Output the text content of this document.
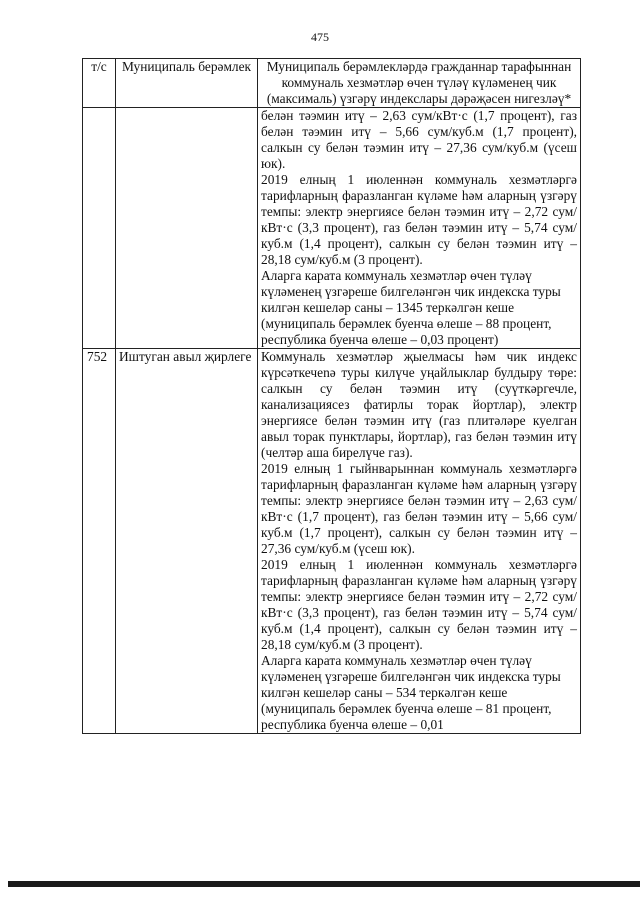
475
т/с	Муниципаль берәмлек	Муниципаль берәмлекләрдә гражданнар тарафыннан коммуналь хезмәтләр өчен түләү күләменең чик (максималь) үзгәрү индекслары дәрәҗәсен нигезләү*

		белән тәэмин итү – 2,63 сум/кВт·с (1,7 процент), газ белән тәэмин итү – 5,66 сум/куб.м (1,7 процент), салкын су белән тәэмин итү – 27,36 сум/куб.м (үсеш юк).

2019 елның 1 июленнән коммуналь хезмәтләргә тарифларның фаразланган күләме һәм аларның үзгәрү темпы: электр энергиясе белән тәэмин итү – 2,72 сум/кВт·с (3,3 процент), газ белән тәэмин итү – 5,74 сум/куб.м (1,4 процент), салкын су белән тәэмин итү – 28,18 сум/куб.м (3 процент).

Аларга карата коммуналь хезмәтләр өчен түләү күләменең үзгәреше билгеләнгән чик индекска туры килгән кешеләр саны – 1345 теркәлгән кеше (муниципаль берәмлек буенча өлеше – 88 процент, республика буенча өлеше – 0,03 процент)

752	Иштуган авыл җирлеге	Коммуналь хезмәтләр җыелмасы һәм чик индекс күрсәткечenә туры килүче уңайлыклар булдыру төре: салкын су белән тәэмин итү (суүткәргечле, канализациясез фатирлы торак йортлар), электр энергиясе белән тәэмин итү (газ плитәләре куелган авыл торак пунктлары, йортлар), газ белән тәэмин итү (челтәр аша бирелүче газ).

2019 елның 1 гыйнварыннан коммуналь хезмәтләргә тарифларның фаразланган күләме һәм аларның үзгәрү темпы: электр энергиясе белән тәэмин итү – 2,63 сум/кВт·с (1,7 процент), газ белән тәэмин итү – 5,66 сум/куб.м (1,7 процент), салкын су белән тәэмин итү – 27,36 сум/куб.м (үсеш юк).

2019 елның 1 июленнән коммуналь хезмәтләргә тарифларның фаразланган күләме һәм аларның үзгәрү темпы: электр энергиясе белән тәэмин итү – 2,72 сум/кВт·с (3,3 процент), газ белән тәэмин итү – 5,74 сум/куб.м (1,4 процент), салкын су белән тәэмин итү – 28,18 сум/куб.м (3 процент).

Аларга карата коммуналь хезмәтләр өчен түләү күләменең үзгәреше билгеләнгән чик индекска туры килгән кешеләр саны – 534 теркәлгән кеше (муниципаль берәмлек буенча өлеше – 81 процент, республика буенча өлеше – 0,01
